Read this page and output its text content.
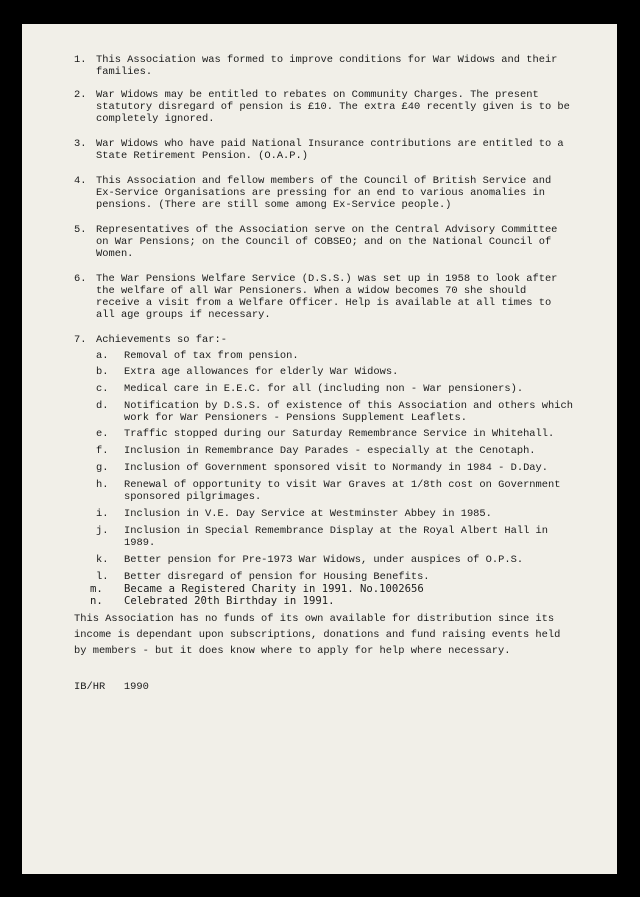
1. This Association was formed to improve conditions for War Widows and their families.
2. War Widows may be entitled to rebates on Community Charges. The present statutory disregard of pension is £10. The extra £40 recently given is to be completely ignored.
3. War Widows who have paid National Insurance contributions are entitled to a State Retirement Pension. (O.A.P.)
4. This Association and fellow members of the Council of British Service and Ex-Service Organisations are pressing for an end to various anomalies in pensions. (There are still some among Ex-Service people.)
5. Representatives of the Association serve on the Central Advisory Committee on War Pensions; on the Council of COBSEO; and on the National Council of Women.
6. The War Pensions Welfare Service (D.S.S.) was set up in 1958 to look after the welfare of all War Pensioners. When a widow becomes 70 she should receive a visit from a Welfare Officer. Help is available at all times to all age groups if necessary.
7. Achievements so far:-
a. Removal of tax from pension.
b. Extra age allowances for elderly War Widows.
c. Medical care in E.E.C. for all (including non - War pensioners).
d. Notification by D.S.S. of existence of this Association and others which work for War Pensioners - Pensions Supplement Leaflets.
e. Traffic stopped during our Saturday Remembrance Service in Whitehall.
f. Inclusion in Remembrance Day Parades - especially at the Cenotaph.
g. Inclusion of Government sponsored visit to Normandy in 1984 - D.Day.
h. Renewal of opportunity to visit War Graves at 1/8th cost on Government sponsored pilgrimages.
i. Inclusion in V.E. Day Service at Westminster Abbey in 1985.
j. Inclusion in Special Remembrance Display at the Royal Albert Hall in 1989.
k. Better pension for Pre-1973 War Widows, under auspices of O.P.S.
l. Better disregard of pension for Housing Benefits.
m. Became a Registered Charity in 1991. No.1002656
n. Celebrated 20th Birthday in 1991.
This Association has no funds of its own available for distribution since its income is dependant upon subscriptions, donations and fund raising events held by members - but it does know where to apply for help where necessary.
IB/HR   1990
